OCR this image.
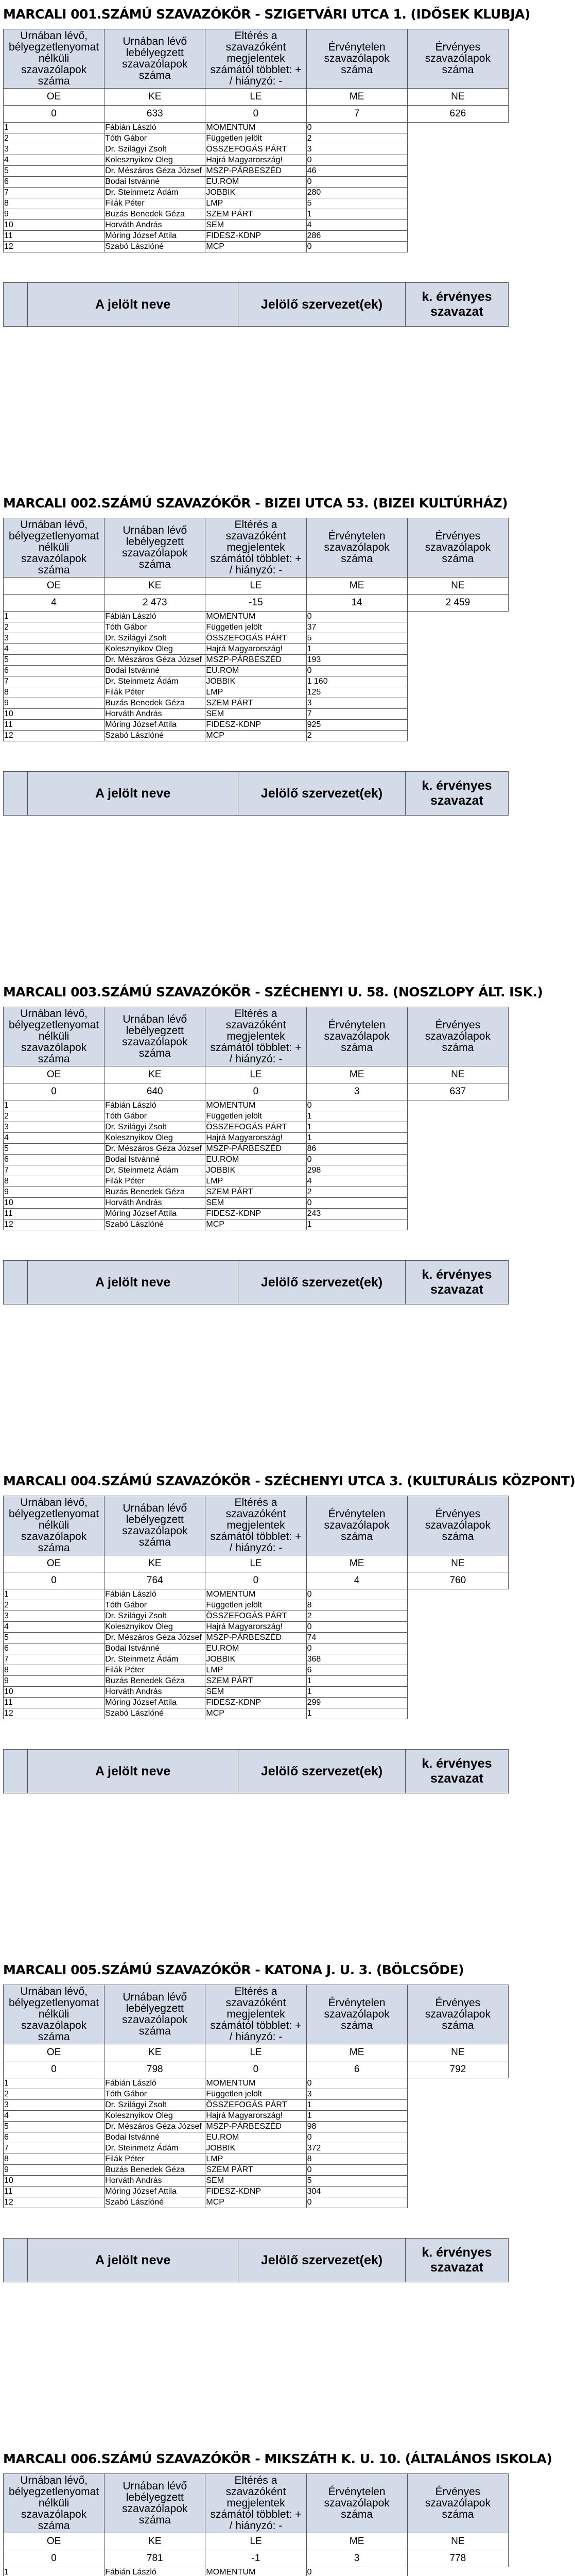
MARCALI 001.SZÁMÚ SZAVAZÓKÖR - SZIGETVÁRI UTCA 1. (IDŐSEK KLUBJA)
Urnában lévő, bélyegzetlenyomat nélküli szavazólapok száma	Urnában lévő lebélyegzett szavazólapok száma	Eltérés a szavazóként megjelentek számától többlet: + / hiányzó: -	Érvénytelen szavazólapok száma	Érvényes szavazólapok száma
OE	KE	LE	ME	NE
0	633	0	7	626
1	Fábián László	MOMENTUM	0	
2	Tóth Gábor	Független jelölt	2	
3	Dr. Szilágyi Zsolt	ÖSSZEFOGÁS PÁRT	3	
4	Kolesznyikov Oleg	Hajrá Magyarország!	0	
5	Dr. Mészáros Géza József	MSZP-PÁRBESZÉD	46	
6	Bodai Istvánné	EU.ROM	0	
7	Dr. Steinmetz Ádám	JOBBIK	280	
8	Filák Péter	LMP	5	
9	Buzás Benedek Géza	SZEM PÁRT	1	
10	Horváth András	SEM	4	
11	Móring József Attila	FIDESZ-KDNP	286	
12	Szabó Lászlóné	MCP	0	
	A jelölt neve	Jelölő szervezet(ek)	k. érvényes szavazat
MARCALI 002.SZÁMÚ SZAVAZÓKÖR - BIZEI UTCA 53. (BIZEI KULTÚRHÁZ)
Urnában lévő, bélyegzetlenyomat nélküli szavazólapok száma	Urnában lévő lebélyegzett szavazólapok száma	Eltérés a szavazóként megjelentek számától többlet: + / hiányzó: -	Érvénytelen szavazólapok száma	Érvényes szavazólapok száma
OE	KE	LE	ME	NE
4	2 473	-15	14	2 459
1	Fábián László	MOMENTUM	0	
2	Tóth Gábor	Független jelölt	37	
3	Dr. Szilágyi Zsolt	ÖSSZEFOGÁS PÁRT	5	
4	Kolesznyikov Oleg	Hajrá Magyarország!	1	
5	Dr. Mészáros Géza József	MSZP-PÁRBESZÉD	193	
6	Bodai Istvánné	EU.ROM	0	
7	Dr. Steinmetz Ádám	JOBBIK	1 160	
8	Filák Péter	LMP	125	
9	Buzás Benedek Géza	SZEM PÁRT	3	
10	Horváth András	SEM	7	
11	Móring József Attila	FIDESZ-KDNP	925	
12	Szabó Lászlóné	MCP	2	
	A jelölt neve	Jelölő szervezet(ek)	k. érvényes szavazat
MARCALI 003.SZÁMÚ SZAVAZÓKÖR - SZÉCHENYI U. 58. (NOSZLOPY ÁLT. ISK.)
Urnában lévő, bélyegzetlenyomat nélküli szavazólapok száma	Urnában lévő lebélyegzett szavazólapok száma	Eltérés a szavazóként megjelentek számától többlet: + / hiányzó: -	Érvénytelen szavazólapok száma	Érvényes szavazólapok száma
OE	KE	LE	ME	NE
0	640	0	3	637
1	Fábián László	MOMENTUM	0	
2	Tóth Gábor	Független jelölt	1	
3	Dr. Szilágyi Zsolt	ÖSSZEFOGÁS PÁRT	1	
4	Kolesznyikov Oleg	Hajrá Magyarország!	1	
5	Dr. Mészáros Géza József	MSZP-PÁRBESZÉD	86	
6	Bodai Istvánné	EU.ROM	0	
7	Dr. Steinmetz Ádám	JOBBIK	298	
8	Filák Péter	LMP	4	
9	Buzás Benedek Géza	SZEM PÁRT	2	
10	Horváth András	SEM	0	
11	Móring József Attila	FIDESZ-KDNP	243	
12	Szabó Lászlóné	MCP	1	
	A jelölt neve	Jelölő szervezet(ek)	k. érvényes szavazat
MARCALI 004.SZÁMÚ SZAVAZÓKÖR - SZÉCHENYI UTCA 3. (KULTURÁLIS KÖZPONT)
Urnában lévő, bélyegzetlenyomat nélküli szavazólapok száma	Urnában lévő lebélyegzett szavazólapok száma	Eltérés a szavazóként megjelentek számától többlet: + / hiányzó: -	Érvénytelen szavazólapok száma	Érvényes szavazólapok száma
OE	KE	LE	ME	NE
0	764	0	4	760
1	Fábián László	MOMENTUM	0	
2	Tóth Gábor	Független jelölt	8	
3	Dr. Szilágyi Zsolt	ÖSSZEFOGÁS PÁRT	2	
4	Kolesznyikov Oleg	Hajrá Magyarország!	0	
5	Dr. Mészáros Géza József	MSZP-PÁRBESZÉD	74	
6	Bodai Istvánné	EU.ROM	0	
7	Dr. Steinmetz Ádám	JOBBIK	368	
8	Filák Péter	LMP	6	
9	Buzás Benedek Géza	SZEM PÁRT	1	
10	Horváth András	SEM	1	
11	Móring József Attila	FIDESZ-KDNP	299	
12	Szabó Lászlóné	MCP	1	
	A jelölt neve	Jelölő szervezet(ek)	k. érvényes szavazat
MARCALI 005.SZÁMÚ SZAVAZÓKÖR - KATONA J. U. 3. (BÖLCSŐDE)
Urnában lévő, bélyegzetlenyomat nélküli szavazólapok száma	Urnában lévő lebélyegzett szavazólapok száma	Eltérés a szavazóként megjelentek számától többlet: + / hiányzó: -	Érvénytelen szavazólapok száma	Érvényes szavazólapok száma
OE	KE	LE	ME	NE
0	798	0	6	792
1	Fábián László	MOMENTUM	0	
2	Tóth Gábor	Független jelölt	3	
3	Dr. Szilágyi Zsolt	ÖSSZEFOGÁS PÁRT	1	
4	Kolesznyikov Oleg	Hajrá Magyarország!	1	
5	Dr. Mészáros Géza József	MSZP-PÁRBESZÉD	98	
6	Bodai Istvánné	EU.ROM	0	
7	Dr. Steinmetz Ádám	JOBBIK	372	
8	Filák Péter	LMP	8	
9	Buzás Benedek Géza	SZEM PÁRT	0	
10	Horváth András	SEM	5	
11	Móring József Attila	FIDESZ-KDNP	304	
12	Szabó Lászlóné	MCP	0	
	A jelölt neve	Jelölő szervezet(ek)	k. érvényes szavazat
MARCALI 006.SZÁMÚ SZAVAZÓKÖR - MIKSZÁTH K. U. 10. (ÁLTALÁNOS ISKOLA)
Urnában lévő, bélyegzetlenyomat nélküli szavazólapok száma	Urnában lévő lebélyegzett szavazólapok száma	Eltérés a szavazóként megjelentek számától többlet: + / hiányzó: -	Érvénytelen szavazólapok száma	Érvényes szavazólapok száma
OE	KE	LE	ME	NE
0	781	-1	3	778
1	Fábián László	MOMENTUM	0	
